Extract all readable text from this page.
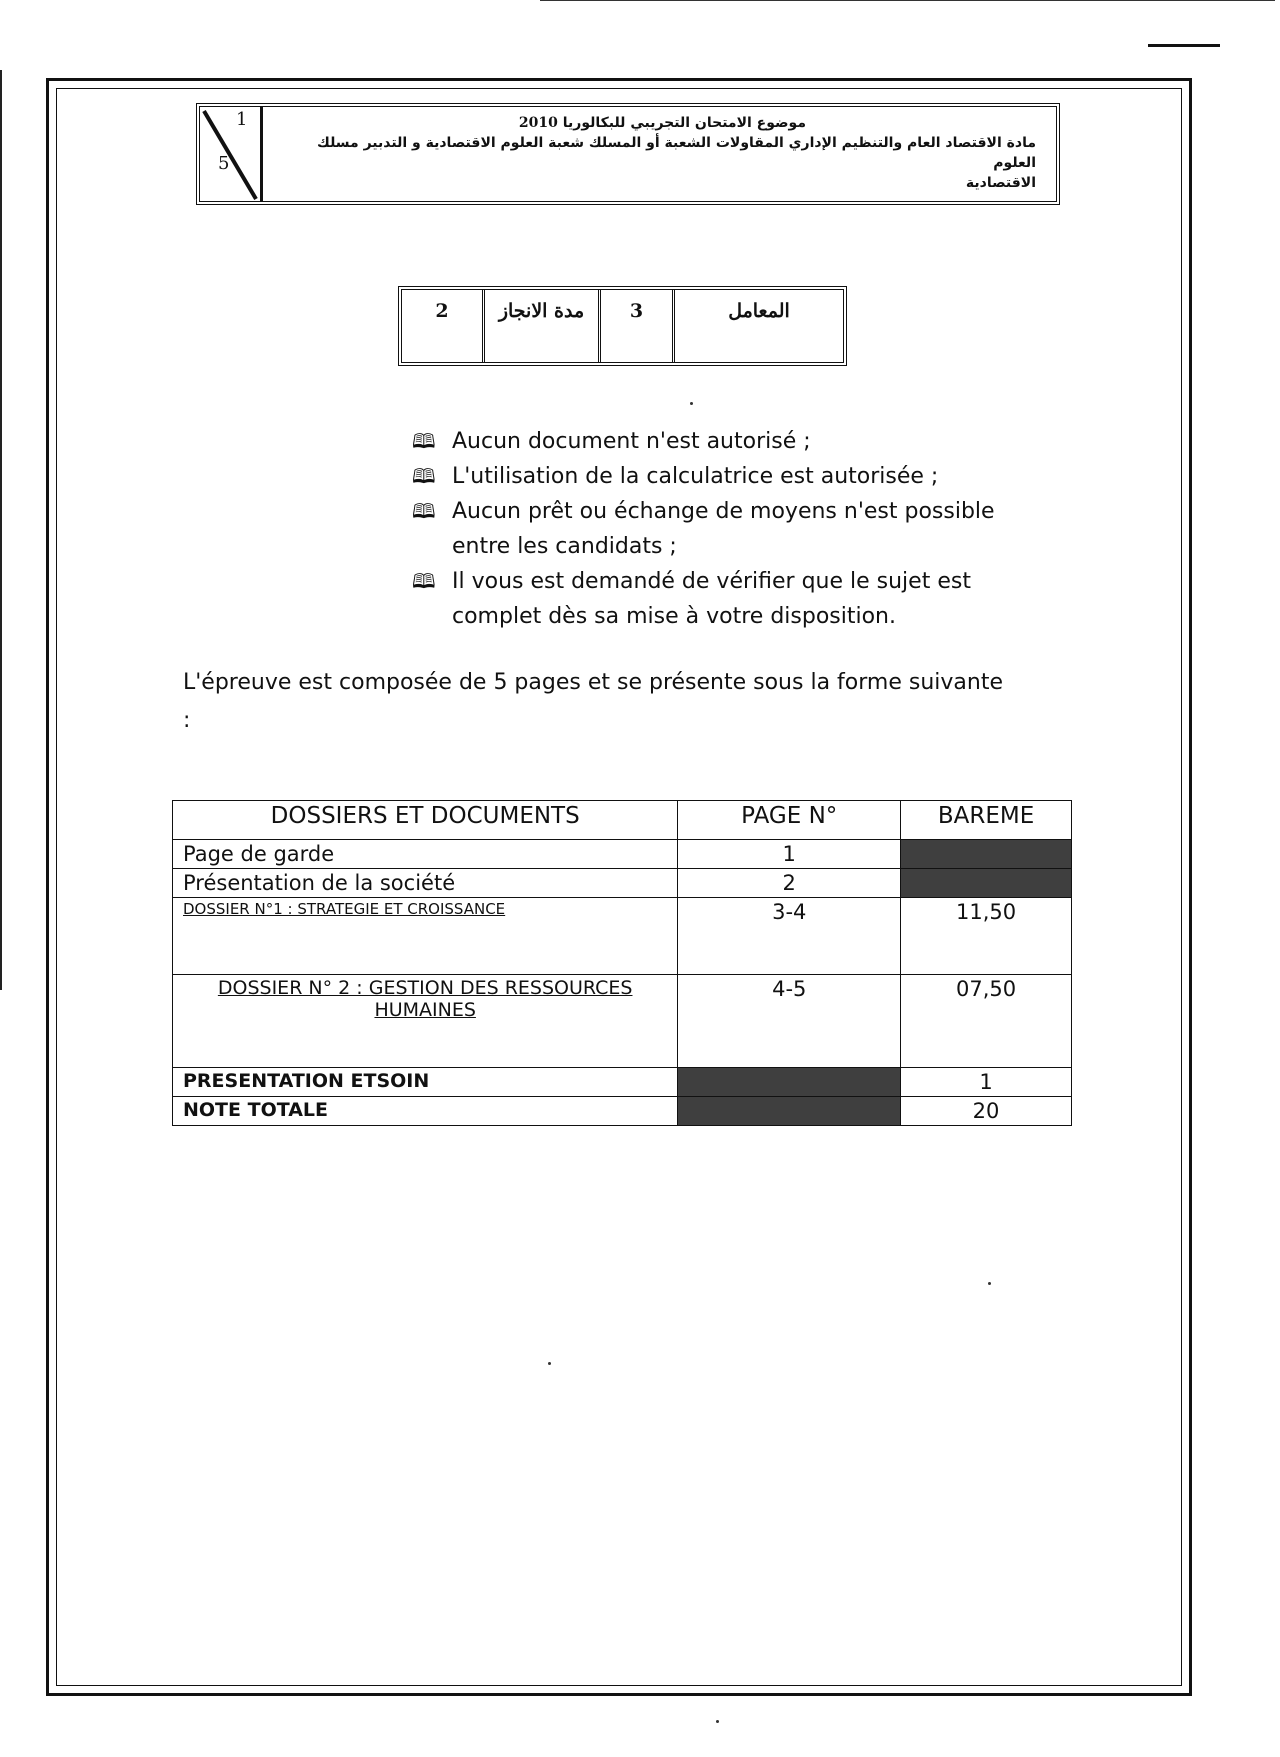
1
5
موضوع الامتحان التجريبي للبكالوريا 2010
مادة الاقتصاد العام والتنظيم الإداري المقاولات الشعبة أو المسلك شعبة العلوم الاقتصادية و التدبير مسلك العلوم
الاقتصادية
2	مدة الانجاز	3	المعامل
🕮 Aucun document n'est autorisé ;
🕮 L'utilisation de la calculatrice est autorisée ;
🕮 Aucun prêt ou échange de moyens n'est possible entre les candidats ;
🕮 Il vous est demandé de vérifier que le sujet est complet dès sa mise à votre disposition.
L'épreuve est composée de 5 pages et se présente sous la forme suivante :
DOSSIERS ET DOCUMENTS	PAGE N°	BAREME
Page de garde	1	
Présentation de la société	2	
DOSSIER N°1 : STRATEGIE ET CROISSANCE	3-4	11,50
DOSSIER N° 2 : GESTION DES RESSOURCES HUMAINES	4-5	07,50
PRESENTATION ETSOIN		1
NOTE TOTALE		20
